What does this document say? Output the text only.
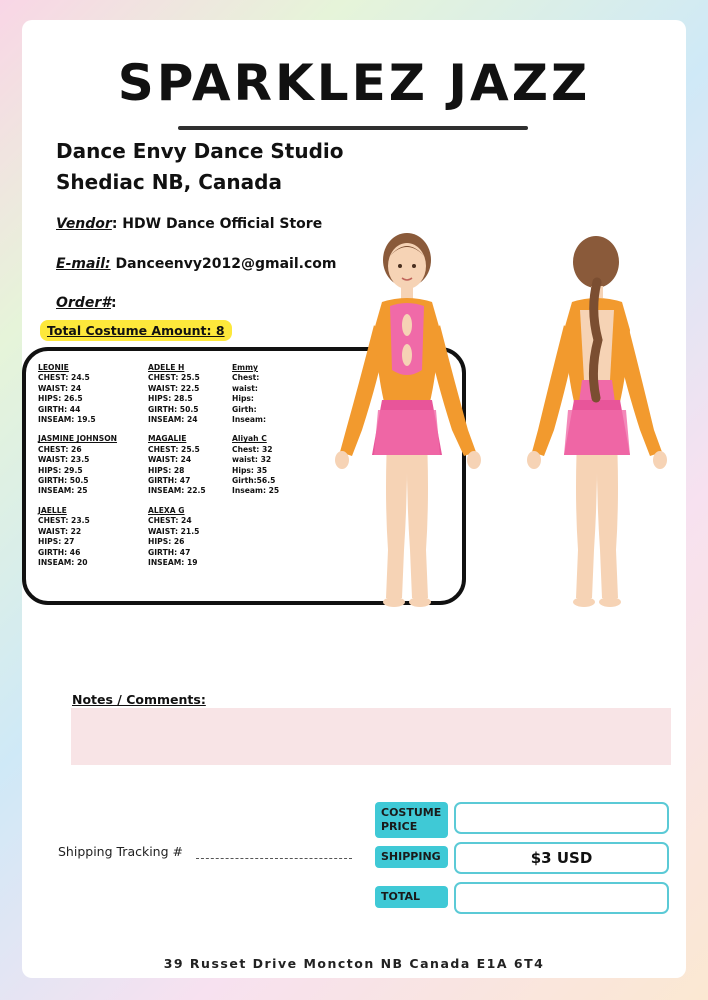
SPARKLEZ JAZZ
Dance Envy Dance Studio
Shediac NB, Canada
Vendor: HDW Dance Official Store
E-mail: Danceenvy2012@gmail.com
Order#:
Total Costume Amount: 8
LEONIE
CHEST: 24.5
WAIST: 24
HIPS: 26.5
GIRTH: 44
INSEAM: 19.5
JASMINE JOHNSON
CHEST: 26
WAIST: 23.5
HIPS: 29.5
GIRTH: 50.5
INSEAM: 25
JAELLE
CHEST: 23.5
WAIST: 22
HIPS: 27
GIRTH: 46
INSEAM: 20
ADELE H
CHEST: 25.5
WAIST: 22.5
HIPS: 28.5
GIRTH: 50.5
INSEAM: 24
MAGALIE
CHEST: 25.5
WAIST: 24
HIPS: 28
GIRTH: 47
INSEAM: 22.5
ALEXA G
CHEST: 24
WAIST: 21.5
HIPS: 26
GIRTH: 47
INSEAM: 19
Emmy
Chest:
waist:
Hips:
Girth:
Inseam:
Aliyah C
Chest: 32
waist: 32
Hips: 35
Girth:56.5
Inseam: 25
Notes / Comments:
Shipping Tracking #
COSTUME PRICE
SHIPPING	$3 USD
TOTAL
39 Russet Drive Moncton NB Canada E1A 6T4
